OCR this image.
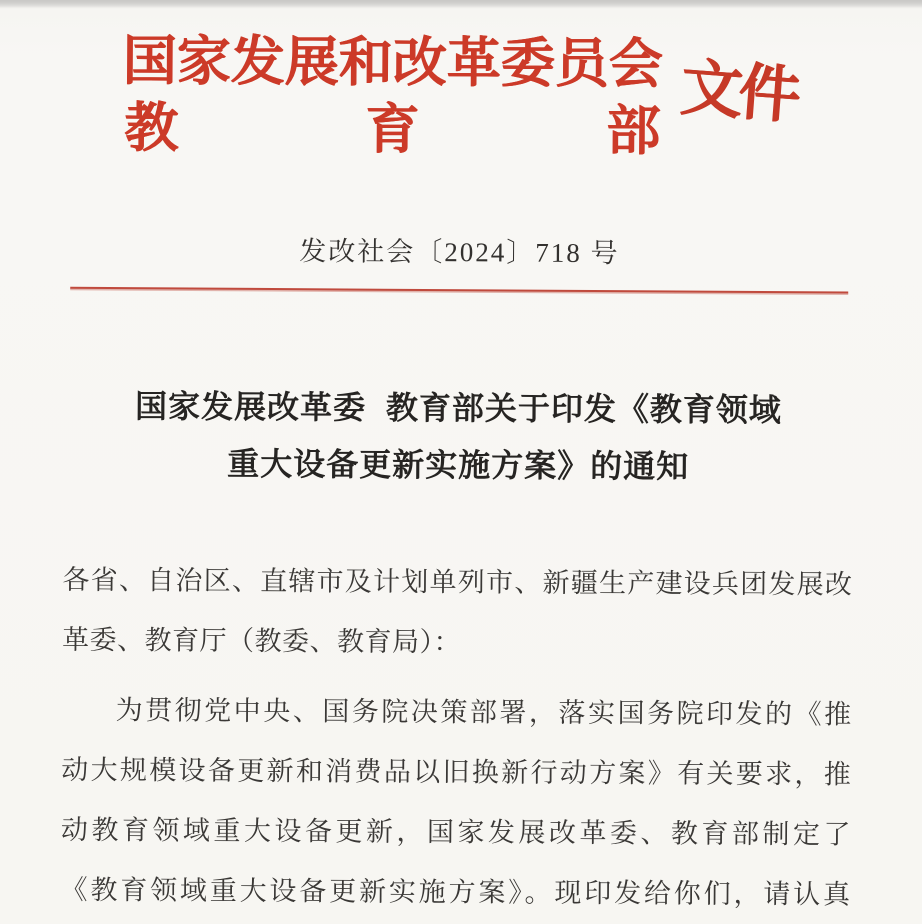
国家发展和改革委员会
教	育	部
文件
发改社会〔2024〕718 号
国家发展改革委  教育部关于印发《教育领域
重大设备更新实施方案》的通知
各省、自治区、直辖市及计划单列市、新疆生产建设兵团发展改
革委、教育厅（教委、教育局）：
为贯彻党中央、国务院决策部署，落实国务院印发的《推
动大规模设备更新和消费品以旧换新行动方案》有关要求，推
动教育领域重大设备更新，国家发展改革委、教育部制定了
《教育领域重大设备更新实施方案》。现印发给你们，请认真
